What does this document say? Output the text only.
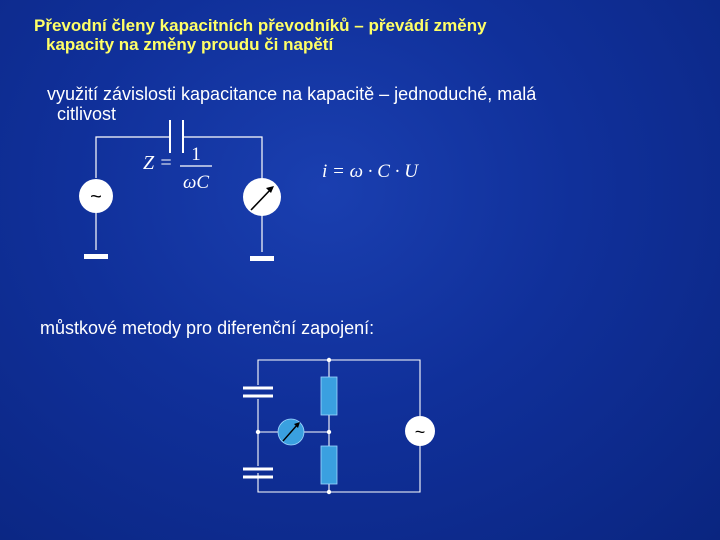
Převodní členy kapacitních převodníků – převádí změny
kapacity na změny proudu či napětí
využití závislosti kapacitance na kapacitě – jednoduché, malá
citlivost
můstkové metody pro diferenční zapojení:
~
Z = 1
ωC
i = ω · C · U
~
